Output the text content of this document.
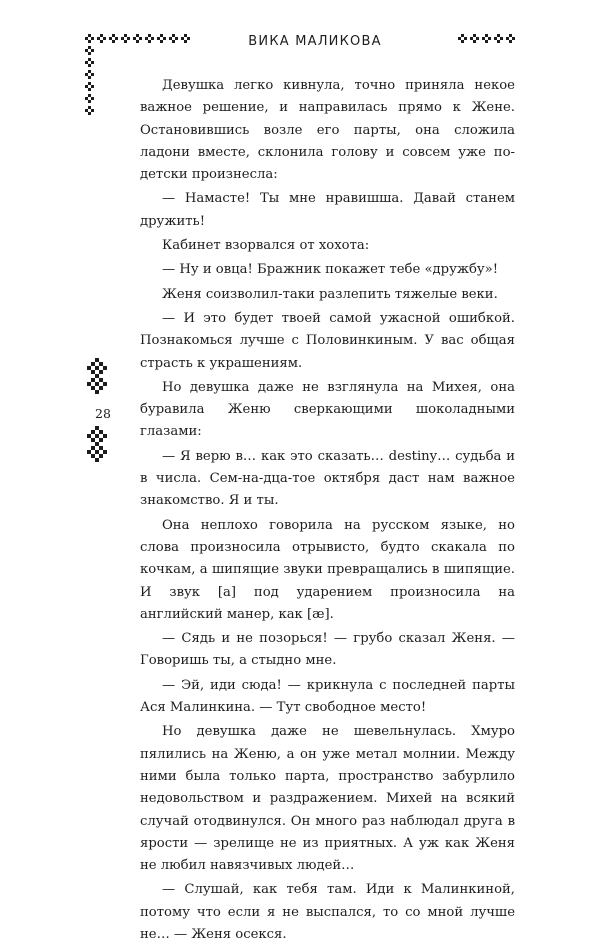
ВИКА МАЛИКОВА
28

Девушка легко кивнула, точно приняла некое важное решение, и направилась прямо к Жене. Остановившись возле его парты, она сложила ладони вместе, склонила голову и совсем уже по-детски произнесла:

— Намасте! Ты мне нравишша. Давай станем дружить!

Кабинет взорвался от хохота:

— Ну и овца! Бражник покажет тебе «дружбу»!

Женя соизволил-таки разлепить тяжелые веки.

— И это будет твоей самой ужасной ошибкой. Познакомься лучше с Половинкиным. У вас общая страсть к украшениям.

Но девушка даже не взглянула на Михея, она буравила Женю сверкающими шоколадными глазами:

— Я верю в… как это сказать… destiny… судьба и в числа. Сем-на-дца-тое октября даст нам важное знакомство. Я и ты.

Она неплохо говорила на русском языке, но слова произносила отрывисто, будто скакала по кочкам, а шипящие звуки превращались в шипящие. И звук [а] под ударением произносила на английский манер, как [æ].

— Сядь и не позорься! — грубо сказал Женя. — Говоришь ты, а стыдно мне.

— Эй, иди сюда! — крикнула с последней парты Ася Малинкина. — Тут свободное место!

Но девушка даже не шевельнулась. Хмуро пялились на Женю, а он уже метал молнии. Между ними была только парта, пространство забурлило недовольством и раздражением. Михей на всякий случай отодвинулся. Он много раз наблюдал друга в ярости — зрелище не из приятных. А уж как Женя не любил навязчивых людей…

— Слушай, как тебя там. Иди к Малинкиной, потому что если я не выспался, то со мной лучше не… — Женя осекся.
